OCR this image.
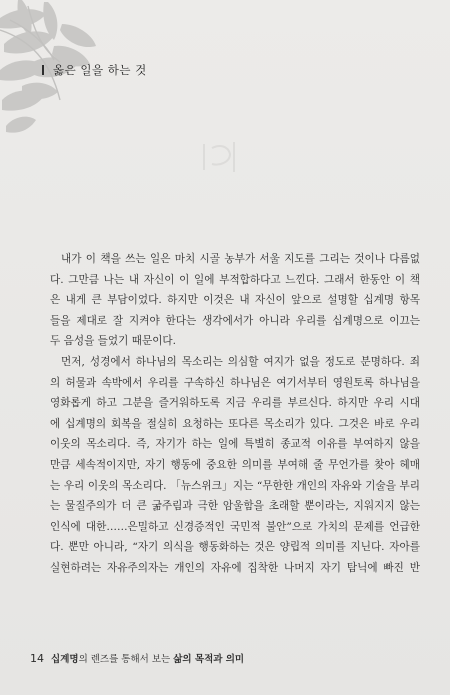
옳은 일을 하는 것
내가 이 책을 쓰는 일은 마치 시골 농부가 서울 지도를 그리는 것이나 다름없
다. 그만큼 나는 내 자신이 이 일에 부적합하다고 느낀다. 그래서 한동안 이 책
은 내게 큰 부담이었다. 하지만 이것은 내 자신이 앞으로 설명할 십계명 항목
들을 제대로 잘 지켜야 한다는 생각에서가 아니라 우리를 십계명으로 이끄는
두 음성을 들었기 때문이다.
먼저, 성경에서 하나님의 목소리는 의심할 여지가 없을 정도로 분명하다. 죄
의 허물과 속박에서 우리를 구속하신 하나님은 여기서부터 영원토록 하나님을
영화롭게 하고 그분을 즐거워하도록 지금 우리를 부르신다. 하지만 우리 시대
에 십계명의 회복을 절실히 요청하는 또다른 목소리가 있다. 그것은 바로 우리
이웃의 목소리다. 즉, 자기가 하는 일에 특별히 종교적 이유를 부여하지 않을
만큼 세속적이지만, 자기 행동에 중요한 의미를 부여해 줄 무언가를 찾아 헤매
는 우리 이웃의 목소리다. 「뉴스위크」지는 “무한한 개인의 자유와 기술을 부리
는 물질주의가 더 큰 굶주림과 극한 암울함을 초래할 뿐이라는, 지워지지 않는
인식에 대한……은밀하고 신경증적인 국민적 불안”으로 가치의 문제를 언급한
다. 뿐만 아니라, “자기 의식을 행동화하는 것은 양립적 의미를 지닌다. 자아를
실현하려는 자유주의자는 개인의 자유에 집착한 나머지 자기 탐닉에 빠진 반
14 십계명의 렌즈를 통해서 보는 삶의 목적과 의미
